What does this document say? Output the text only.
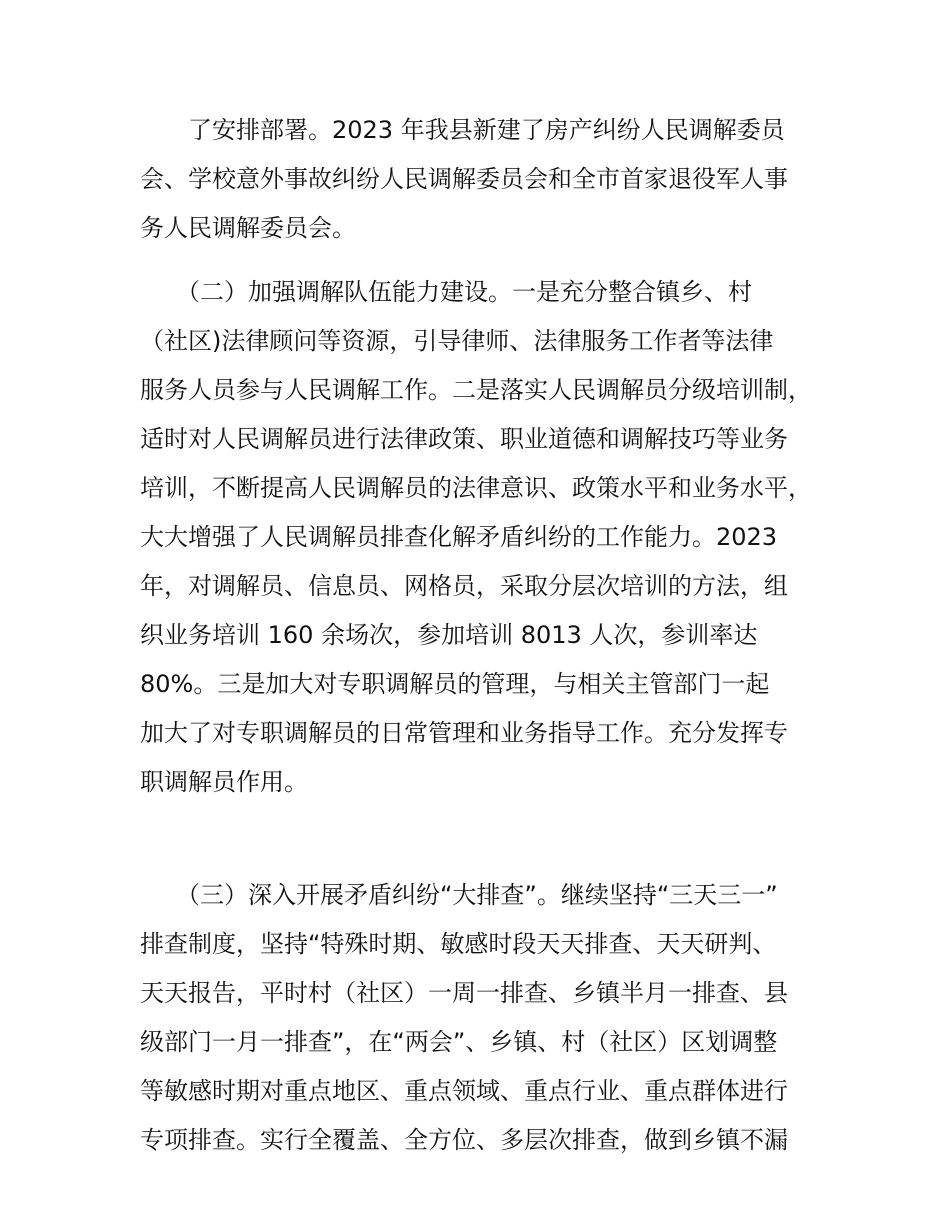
　　了安排部署。2023 年我县新建了房产纠纷人民调解委员
会、学校意外事故纠纷人民调解委员会和全市首家退役军人事
务人民调解委员会。
　　（二）加强调解队伍能力建设。一是充分整合镇乡、村
（社区)法律顾问等资源，引导律师、法律服务工作者等法律
服务人员参与人民调解工作。二是落实人民调解员分级培训制，
适时对人民调解员进行法律政策、职业道德和调解技巧等业务
培训，不断提高人民调解员的法律意识、政策水平和业务水平，
大大增强了人民调解员排查化解矛盾纠纷的工作能力。2023
年，对调解员、信息员、网格员，采取分层次培训的方法，组
织业务培训 160 余场次，参加培训 8013 人次，参训率达
80%。三是加大对专职调解员的管理，与相关主管部门一起
加大了对专职调解员的日常管理和业务指导工作。充分发挥专
职调解员作用。
　　（三）深入开展矛盾纠纷“大排查”。继续坚持“三天三一”
排查制度，坚持“特殊时期、敏感时段天天排查、天天研判、
天天报告，平时村（社区）一周一排查、乡镇半月一排查、县
级部门一月一排查”，在“两会”、乡镇、村（社区）区划调整
等敏感时期对重点地区、重点领域、重点行业、重点群体进行
专项排查。实行全覆盖、全方位、多层次排查，做到乡镇不漏
